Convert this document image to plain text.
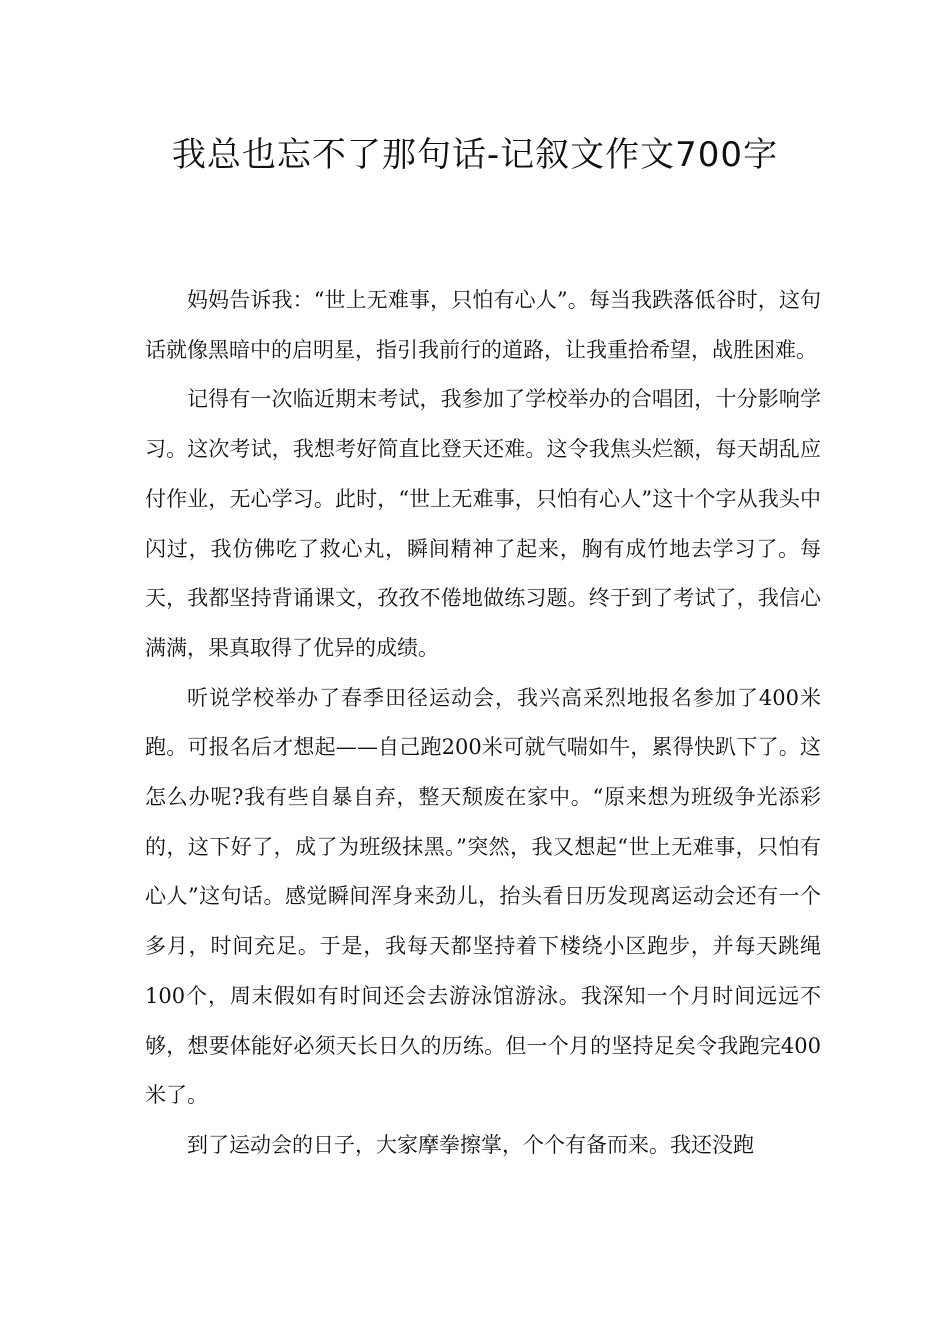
我总也忘不了那句话-记叙文作文700字

妈妈告诉我：“世上无难事，只怕有心人”。每当我跌落低谷时，这句话就像黑暗中的启明星，指引我前行的道路，让我重拾希望，战胜困难。

记得有一次临近期末考试，我参加了学校举办的合唱团，十分影响学习。这次考试，我想考好简直比登天还难。这令我焦头烂额，每天胡乱应付作业，无心学习。此时，“世上无难事，只怕有心人”这十个字从我头中闪过，我仿佛吃了救心丸，瞬间精神了起来，胸有成竹地去学习了。每天，我都坚持背诵课文，孜孜不倦地做练习题。终于到了考试了，我信心满满，果真取得了优异的成绩。

听说学校举办了春季田径运动会，我兴高采烈地报名参加了400米跑。可报名后才想起——自己跑200米可就气喘如牛，累得快趴下了。这怎么办呢?我有些自暴自弃，整天颓废在家中。“原来想为班级争光添彩的，这下好了，成了为班级抹黑。”突然，我又想起“世上无难事，只怕有心人”这句话。感觉瞬间浑身来劲儿，抬头看日历发现离运动会还有一个多月，时间充足。于是，我每天都坚持着下楼绕小区跑步，并每天跳绳100个，周末假如有时间还会去游泳馆游泳。我深知一个月时间远远不够，想要体能好必须天长日久的历练。但一个月的坚持足矣令我跑完400米了。

到了运动会的日子，大家摩拳擦掌，个个有备而来。我还没跑
